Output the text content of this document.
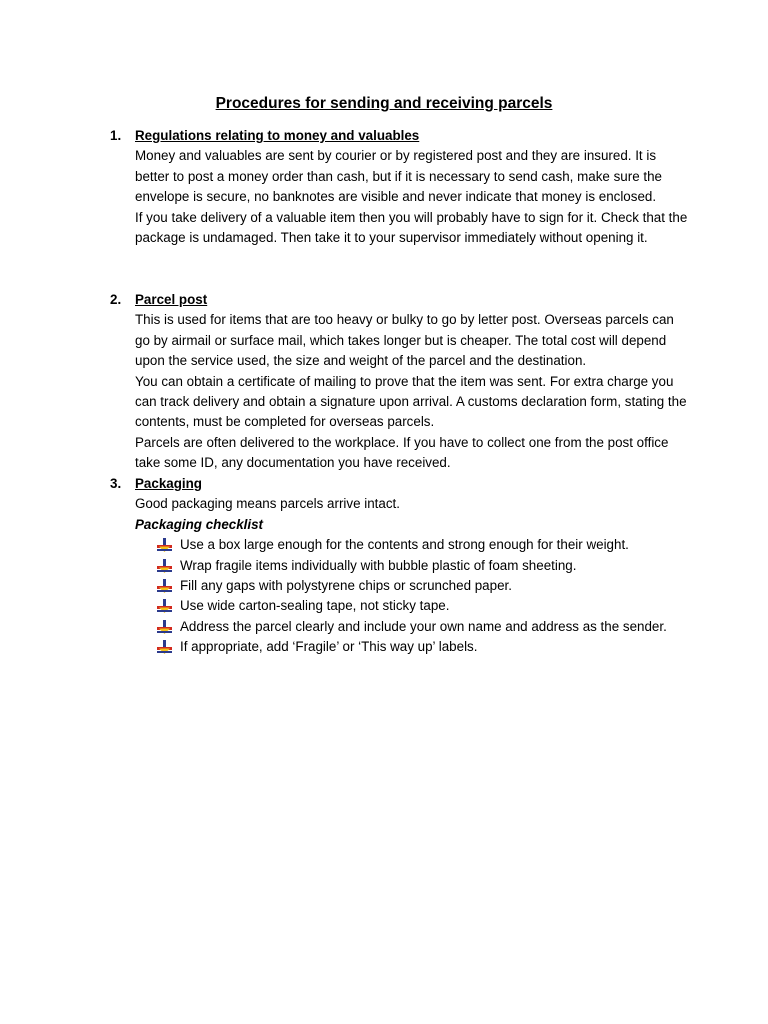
Procedures for sending and receiving parcels
1.	Regulations relating to money and valuables

Money and valuables are sent by courier or by registered post and they are insured. It is better to post a money order than cash, but if it is necessary to send cash, make sure the envelope is secure, no banknotes are visible and never indicate that money is enclosed.

If you take delivery of a valuable item then you will probably have to sign for it. Check that the package is undamaged. Then take it to your supervisor immediately without opening it.

2.	Parcel post

This is used for items that are too heavy or bulky to go by letter post. Overseas parcels can go by airmail or surface mail, which takes longer but is cheaper. The total cost will depend upon the service used, the size and weight of the parcel and the destination.

You can obtain a certificate of mailing to prove that the item was sent. For extra charge you can track delivery and obtain a signature upon arrival. A customs declaration form, stating the contents, must be completed for overseas parcels.

Parcels are often delivered to the workplace. If you have to collect one from the post office take some ID, any documentation you have received.

3.	Packaging

Good packaging means parcels arrive intact.

Packaging checklist
Use a box large enough for the contents and strong enough for their weight.
Wrap fragile items individually with bubble plastic of foam sheeting.
Fill any gaps with polystyrene chips or scrunched paper.
Use wide carton-sealing tape, not sticky tape.
Address the parcel clearly and include your own name and address as the sender.
If appropriate, add ‘Fragile’ or ‘This way up’ labels.
